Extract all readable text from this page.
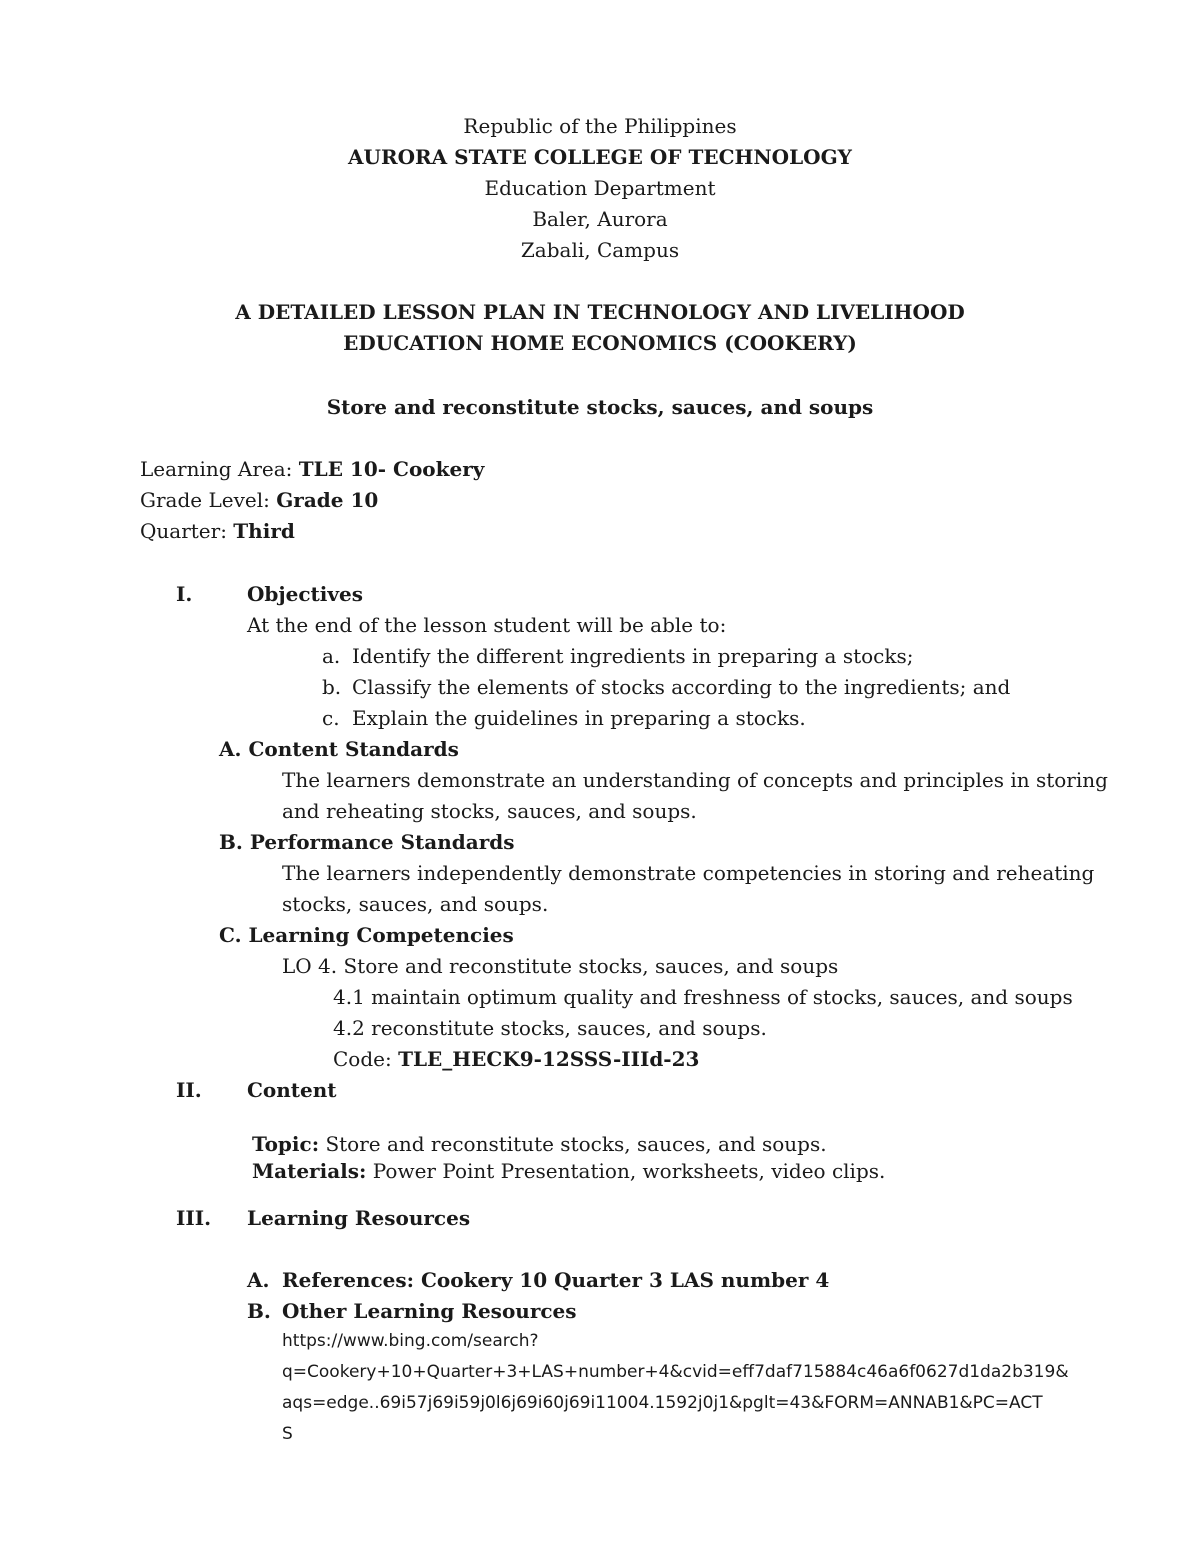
Republic of the Philippines
AURORA STATE COLLEGE OF TECHNOLOGY
Education Department
Baler, Aurora
Zabali, Campus
A DETAILED LESSON PLAN IN TECHNOLOGY AND LIVELIHOOD
EDUCATION HOME ECONOMICS (COOKERY)
Store and reconstitute stocks, sauces, and soups
Learning Area: TLE 10- Cookery
Grade Level: Grade 10
Quarter: Third
I.	Objectives
At the end of the lesson student will be able to:
a. Identify the different ingredients in preparing a stocks;
b. Classify the elements of stocks according to the ingredients; and
c. Explain the guidelines in preparing a stocks.
A. Content Standards
The learners demonstrate an understanding of concepts and principles in storing
and reheating stocks, sauces, and soups.
B. Performance Standards
The learners independently demonstrate competencies in storing and reheating
stocks, sauces, and soups.
C. Learning Competencies
LO 4. Store and reconstitute stocks, sauces, and soups
4.1 maintain optimum quality and freshness of stocks, sauces, and soups
4.2 reconstitute stocks, sauces, and soups.
Code: TLE_HECK9-12SSS-IIId-23
II. Content
Topic: Store and reconstitute stocks, sauces, and soups.
Materials: Power Point Presentation, worksheets, video clips.
III. Learning Resources
A. References: Cookery 10 Quarter 3 LAS number 4
B. Other Learning Resources
https://www.bing.com/search?
q=Cookery+10+Quarter+3+LAS+number+4&cvid=eff7daf715884c46a6f0627d1da2b319&
aqs=edge..69i57j69i59j0l6j69i60j69i11004.1592j0j1&pglt=43&FORM=ANNAB1&PC=ACT
S
